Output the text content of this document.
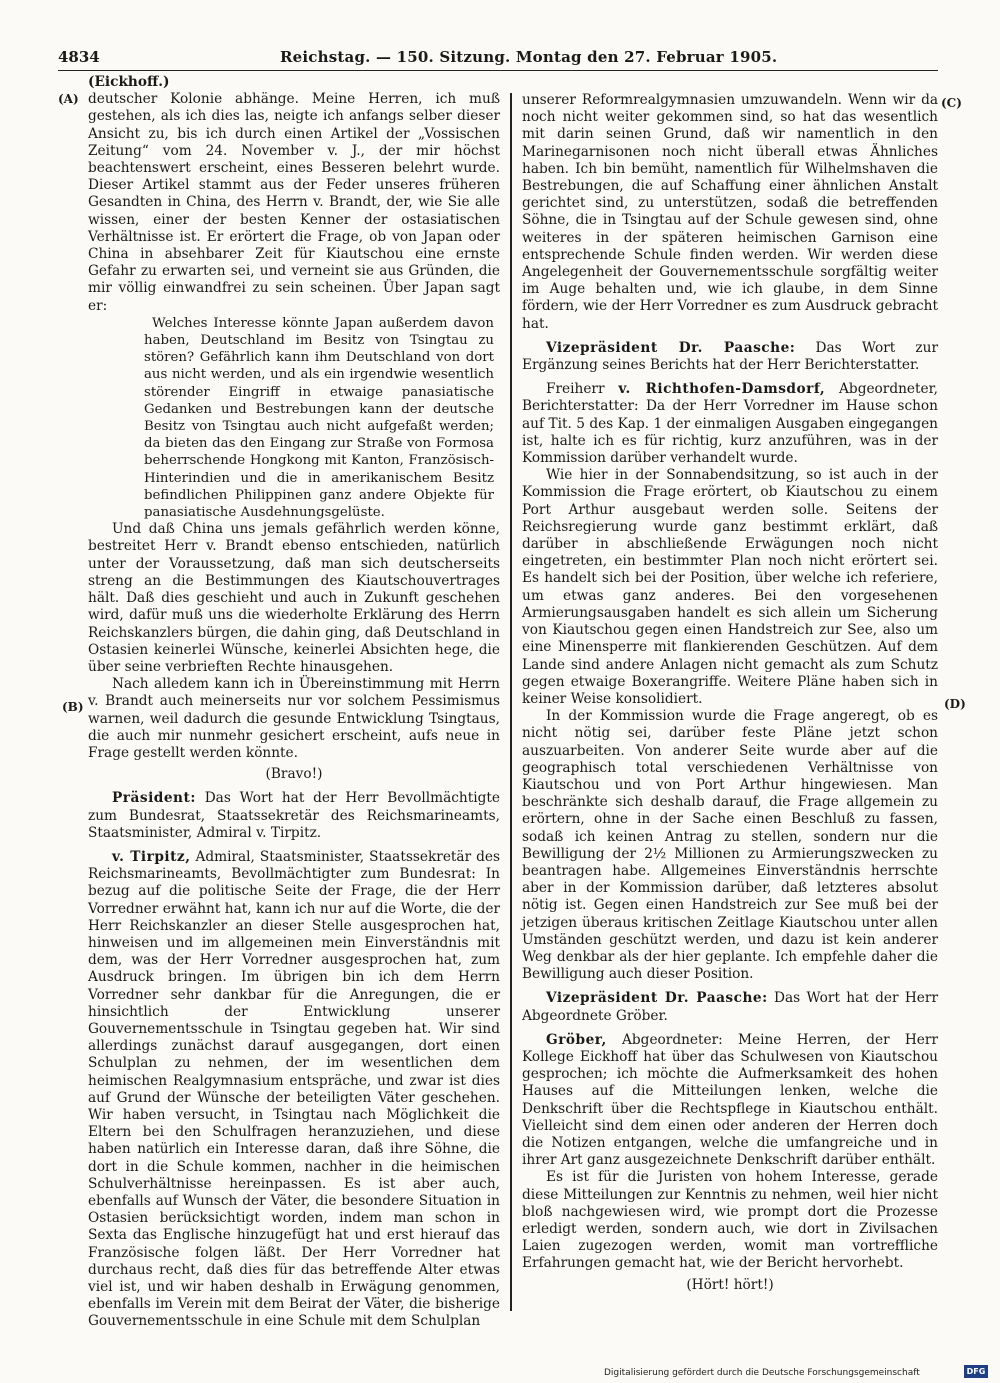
4834	Reichstag. — 150. Sitzung. Montag den 27. Februar 1905.
(A)
(B)
(C)
(D)

(Eickhoff.)

deutscher Kolonie abhänge. Meine Herren, ich muß gestehen, als ich dies las, neigte ich anfangs selber dieser Ansicht zu, bis ich durch einen Artikel der „Vossischen Zeitung“ vom 24. November v. J., der mir höchst beachtenswert erscheint, eines Besseren belehrt wurde. Dieser Artikel stammt aus der Feder unseres früheren Gesandten in China, des Herrn v. Brandt, der, wie Sie alle wissen, einer der besten Kenner der ostasiatischen Verhältnisse ist. Er erörtert die Frage, ob von Japan oder China in absehbarer Zeit für Kiautschou eine ernste Gefahr zu erwarten sei, und verneint sie aus Gründen, die mir völlig einwandfrei zu sein scheinen. Über Japan sagt er:

Welches Interesse könnte Japan außerdem davon haben, Deutschland im Besitz von Tsingtau zu stören? Gefährlich kann ihm Deutschland von dort aus nicht werden, und als ein irgendwie wesentlich störender Eingriff in etwaige panasiatische Gedanken und Bestrebungen kann der deutsche Besitz von Tsingtau auch nicht aufgefaßt werden; da bieten das den Eingang zur Straße von Formosa beherrschende Hongkong mit Kanton, Französisch-Hinterindien und die in amerikanischem Besitz befindlichen Philippinen ganz andere Objekte für panasiatische Ausdehnungsgelüste.

Und daß China uns jemals gefährlich werden könne, bestreitet Herr v. Brandt ebenso entschieden, natürlich unter der Voraussetzung, daß man sich deutscherseits streng an die Bestimmungen des Kiautschouvertrages hält. Daß dies geschieht und auch in Zukunft geschehen wird, dafür muß uns die wiederholte Erklärung des Herrn Reichskanzlers bürgen, die dahin ging, daß Deutschland in Ostasien keinerlei Wünsche, keinerlei Absichten hege, die über seine verbrieften Rechte hinausgehen.

Nach alledem kann ich in Übereinstimmung mit Herrn v. Brandt auch meinerseits nur vor solchem Pessimismus warnen, weil dadurch die gesunde Entwicklung Tsingtaus, die auch mir nunmehr gesichert erscheint, aufs neue in Frage gestellt werden könnte.

(Bravo!)

Präsident: Das Wort hat der Herr Bevollmächtigte zum Bundesrat, Staatssekretär des Reichsmarineamts, Staatsminister, Admiral v. Tirpitz.

v. Tirpitz, Admiral, Staatsminister, Staatssekretär des Reichsmarineamts, Bevollmächtigter zum Bundesrat: In bezug auf die politische Seite der Frage, die der Herr Vorredner erwähnt hat, kann ich nur auf die Worte, die der Herr Reichskanzler an dieser Stelle ausgesprochen hat, hinweisen und im allgemeinen mein Einverständnis mit dem, was der Herr Vorredner ausgesprochen hat, zum Ausdruck bringen. Im übrigen bin ich dem Herrn Vorredner sehr dankbar für die Anregungen, die er hinsichtlich der Entwicklung unserer Gouvernementsschule in Tsingtau gegeben hat. Wir sind allerdings zunächst darauf ausgegangen, dort einen Schulplan zu nehmen, der im wesentlichen dem heimischen Realgymnasium entspräche, und zwar ist dies auf Grund der Wünsche der beteiligten Väter geschehen. Wir haben versucht, in Tsingtau nach Möglichkeit die Eltern bei den Schulfragen heranzuziehen, und diese haben natürlich ein Interesse daran, daß ihre Söhne, die dort in die Schule kommen, nachher in die heimischen Schulverhältnisse hereinpassen. Es ist aber auch, ebenfalls auf Wunsch der Väter, die besondere Situation in Ostasien berücksichtigt worden, indem man schon in Sexta das Englische hinzugefügt hat und erst hierauf das Französische folgen läßt. Der Herr Vorredner hat durchaus recht, daß dies für das betreffende Alter etwas viel ist, und wir haben deshalb in Erwägung genommen, ebenfalls im Verein mit dem Beirat der Väter, die bisherige Gouvernementsschule in eine Schule mit dem Schulplan

unserer Reformrealgymnasien umzuwandeln. Wenn wir da noch nicht weiter gekommen sind, so hat das wesentlich mit darin seinen Grund, daß wir namentlich in den Marinegarnisonen noch nicht überall etwas Ähnliches haben. Ich bin bemüht, namentlich für Wilhelmshaven die Bestrebungen, die auf Schaffung einer ähnlichen Anstalt gerichtet sind, zu unterstützen, sodaß die betreffenden Söhne, die in Tsingtau auf der Schule gewesen sind, ohne weiteres in der späteren heimischen Garnison eine entsprechende Schule finden werden. Wir werden diese Angelegenheit der Gouvernementsschule sorgfältig weiter im Auge behalten und, wie ich glaube, in dem Sinne fördern, wie der Herr Vorredner es zum Ausdruck gebracht hat.

Vizepräsident Dr. Paasche: Das Wort zur Ergänzung seines Berichts hat der Herr Berichterstatter.

Freiherr v. Richthofen-Damsdorf, Abgeordneter, Berichterstatter: Da der Herr Vorredner im Hause schon auf Tit. 5 des Kap. 1 der einmaligen Ausgaben eingegangen ist, halte ich es für richtig, kurz anzuführen, was in der Kommission darüber verhandelt wurde.

Wie hier in der Sonnabendsitzung, so ist auch in der Kommission die Frage erörtert, ob Kiautschou zu einem Port Arthur ausgebaut werden solle. Seitens der Reichsregierung wurde ganz bestimmt erklärt, daß darüber in abschließende Erwägungen noch nicht eingetreten, ein bestimmter Plan noch nicht erörtert sei. Es handelt sich bei der Position, über welche ich referiere, um etwas ganz anderes. Bei den vorgesehenen Armierungsausgaben handelt es sich allein um Sicherung von Kiautschou gegen einen Handstreich zur See, also um eine Minensperre mit flankierenden Geschützen. Auf dem Lande sind andere Anlagen nicht gemacht als zum Schutz gegen etwaige Boxerangriffe. Weitere Pläne haben sich in keiner Weise konsolidiert.

In der Kommission wurde die Frage angeregt, ob es nicht nötig sei, darüber feste Pläne jetzt schon auszuarbeiten. Von anderer Seite wurde aber auf die geographisch total verschiedenen Verhältnisse von Kiautschou und von Port Arthur hingewiesen. Man beschränkte sich deshalb darauf, die Frage allgemein zu erörtern, ohne in der Sache einen Beschluß zu fassen, sodaß ich keinen Antrag zu stellen, sondern nur die Bewilligung der 2½ Millionen zu Armierungszwecken zu beantragen habe. Allgemeines Einverständnis herrschte aber in der Kommission darüber, daß letzteres absolut nötig ist. Gegen einen Handstreich zur See muß bei der jetzigen überaus kritischen Zeitlage Kiautschou unter allen Umständen geschützt werden, und dazu ist kein anderer Weg denkbar als der hier geplante. Ich empfehle daher die Bewilligung auch dieser Position.

Vizepräsident Dr. Paasche: Das Wort hat der Herr Abgeordnete Gröber.

Gröber, Abgeordneter: Meine Herren, der Herr Kollege Eickhoff hat über das Schulwesen von Kiautschou gesprochen; ich möchte die Aufmerksamkeit des hohen Hauses auf die Mitteilungen lenken, welche die Denkschrift über die Rechtspflege in Kiautschou enthält. Vielleicht sind dem einen oder anderen der Herren doch die Notizen entgangen, welche die umfangreiche und in ihrer Art ganz ausgezeichnete Denkschrift darüber enthält.

Es ist für die Juristen von hohem Interesse, gerade diese Mitteilungen zur Kenntnis zu nehmen, weil hier nicht bloß nachgewiesen wird, wie prompt dort die Prozesse erledigt werden, sondern auch, wie dort in Zivilsachen Laien zugezogen werden, womit man vortreffliche Erfahrungen gemacht hat, wie der Bericht hervorhebt.

(Hört! hört!)

Digitalisierung gefördert durch die Deutsche Forschungsgemeinschaft	DFG
